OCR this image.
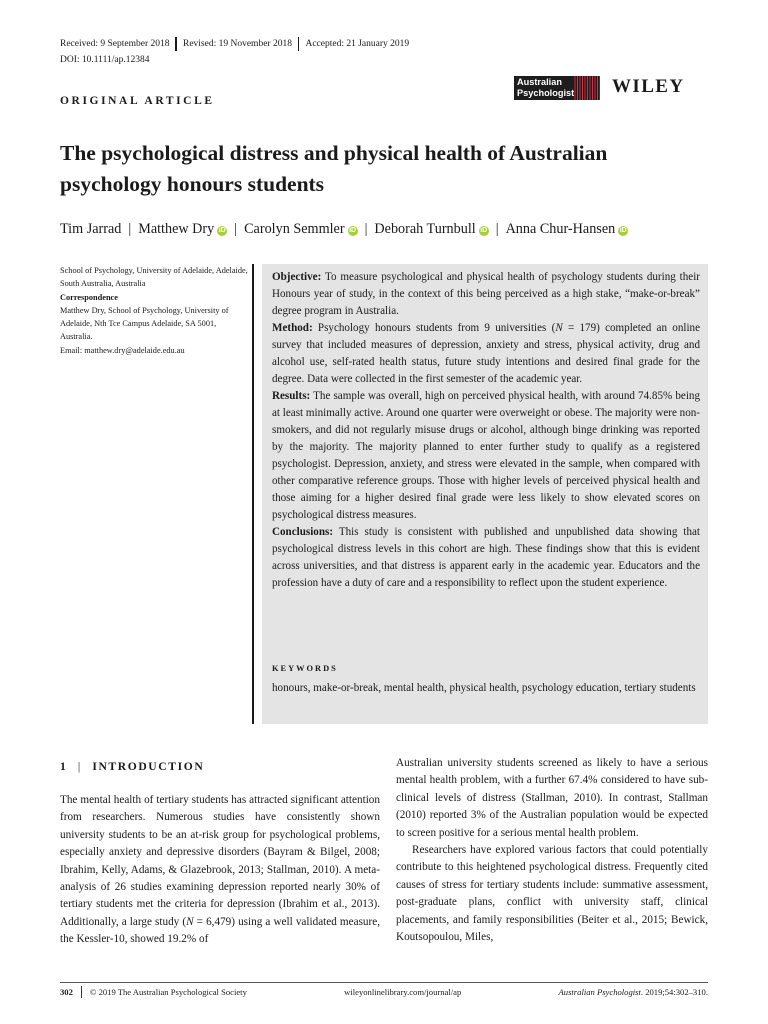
Received: 9 September 2018	Revised: 19 November 2018	Accepted: 21 January 2019
DOI: 10.1111/ap.12384
ORIGINAL ARTICLE
Australian
Psychologist WILEY
The psychological distress and physical health of Australian psychology honours students
Tim Jarrad | Matthew Dry iD | Carolyn Semmler iD | Deborah Turnbull iD | Anna Chur-Hansen iD
School of Psychology, University of Adelaide, Adelaide, South Australia, Australia
Correspondence
Matthew Dry, School of Psychology, University of Adelaide, Nth Tce Campus Adelaide, SA 5001, Australia.
Email: matthew.dry@adelaide.edu.au

Objective: To measure psychological and physical health of psychology students during their Honours year of study, in the context of this being perceived as a high stake, “make-or-break” degree program in Australia.

Method: Psychology honours students from 9 universities (N = 179) completed an online survey that included measures of depression, anxiety and stress, physical activity, drug and alcohol use, self-rated health status, future study intentions and desired final grade for the degree. Data were collected in the first semester of the academic year.

Results: The sample was overall, high on perceived physical health, with around 74.85% being at least minimally active. Around one quarter were overweight or obese. The majority were non-smokers, and did not regularly misuse drugs or alcohol, although binge drinking was reported by the majority. The majority planned to enter further study to qualify as a registered psychologist. Depression, anxiety, and stress were elevated in the sample, when compared with other comparative reference groups. Those with higher levels of perceived physical health and those aiming for a higher desired final grade were less likely to show elevated scores on psychological distress measures.

Conclusions: This study is consistent with published and unpublished data showing that psychological distress levels in this cohort are high. These findings show that this is evident across universities, and that distress is apparent early in the academic year. Educators and the profession have a duty of care and a responsibility to reflect upon the student experience.

KEYWORDS
honours, make-or-break, mental health, physical health, psychology education, tertiary students
1 | INTRODUCTION

The mental health of tertiary students has attracted significant attention from researchers. Numerous studies have consistently shown university students to be an at-risk group for psychological problems, especially anxiety and depressive disorders (Bayram & Bilgel, 2008; Ibrahim, Kelly, Adams, & Glazebrook, 2013; Stallman, 2010). A meta-analysis of 26 studies examining depression reported nearly 30% of tertiary students met the criteria for depression (Ibrahim et al., 2013). Additionally, a large study (N = 6,479) using a well validated measure, the Kessler-10, showed 19.2% of

Australian university students screened as likely to have a serious mental health problem, with a further 67.4% considered to have sub-clinical levels of distress (Stallman, 2010). In contrast, Stallman (2010) reported 3% of the Australian population would be expected to screen positive for a serious mental health problem.

Researchers have explored various factors that could potentially contribute to this heightened psychological distress. Frequently cited causes of stress for tertiary students include: summative assessment, post-graduate plans, conflict with university staff, clinical placements, and family responsibilities (Beiter et al., 2015; Bewick, Koutsopoulou, Miles,

302 © 2019 The Australian Psychological Society	wileyonlinelibrary.com/journal/ap	Australian Psychologist. 2019;54:302–310.
